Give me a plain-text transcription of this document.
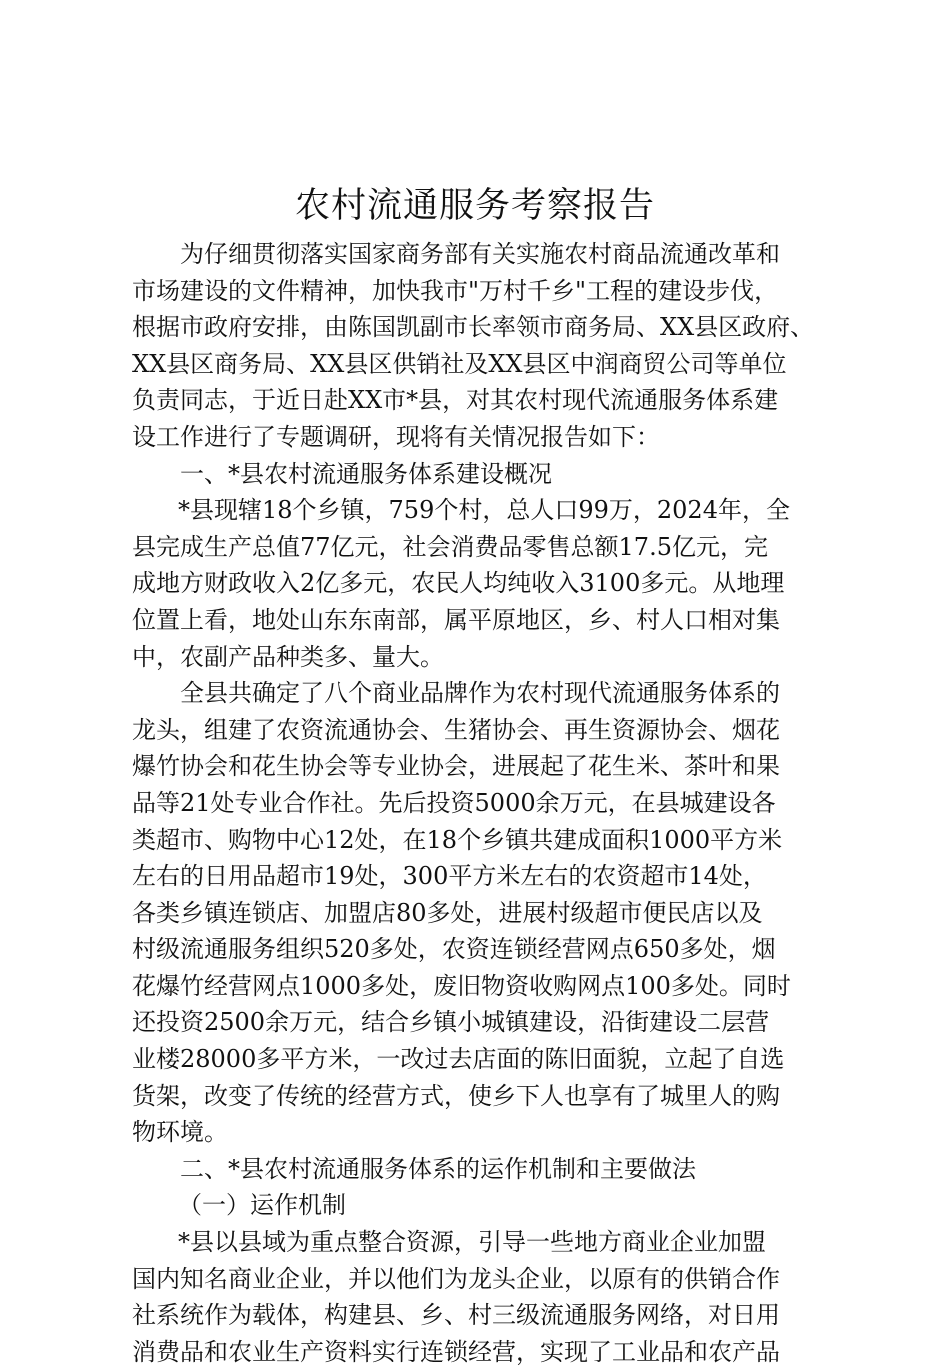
农村流通服务考察报告
为仔细贯彻落实国家商务部有关实施农村商品流通改革和
市场建设的文件精神，加快我市"万村千乡"工程的建设步伐，
根据市政府安排，由陈国凯副市长率领市商务局、XX县区政府、
XX县区商务局、XX县区供销社及XX县区中润商贸公司等单位
负责同志，于近日赴XX市*县，对其农村现代流通服务体系建
设工作进行了专题调研，现将有关情况报告如下：
一、*县农村流通服务体系建设概况
*县现辖18个乡镇，759个村，总人口99万，2024年，全
县完成生产总值77亿元，社会消费品零售总额17.5亿元，完
成地方财政收入2亿多元，农民人均纯收入3100多元。从地理
位置上看，地处山东东南部，属平原地区，乡、村人口相对集
中，农副产品种类多、量大。
全县共确定了八个商业品牌作为农村现代流通服务体系的
龙头，组建了农资流通协会、生猪协会、再生资源协会、烟花
爆竹协会和花生协会等专业协会，进展起了花生米、茶叶和果
品等21处专业合作社。先后投资5000余万元，在县城建设各
类超市、购物中心12处，在18个乡镇共建成面积1000平方米
左右的日用品超市19处，300平方米左右的农资超市14处，
各类乡镇连锁店、加盟店80多处，进展村级超市便民店以及
村级流通服务组织520多处，农资连锁经营网点650多处，烟
花爆竹经营网点1000多处，废旧物资收购网点100多处。同时
还投资2500余万元，结合乡镇小城镇建设，沿街建设二层营
业楼28000多平方米，一改过去店面的陈旧面貌，立起了自选
货架，改变了传统的经营方式，使乡下人也享有了城里人的购
物环境。
二、*县农村流通服务体系的运作机制和主要做法
（一）运作机制
*县以县域为重点整合资源，引导一些地方商业企业加盟
国内知名商业企业，并以他们为龙头企业，以原有的供销合作
社系统作为载体，构建县、乡、村三级流通服务网络，对日用
消费品和农业生产资料实行连锁经营，实现了工业品和农产品
